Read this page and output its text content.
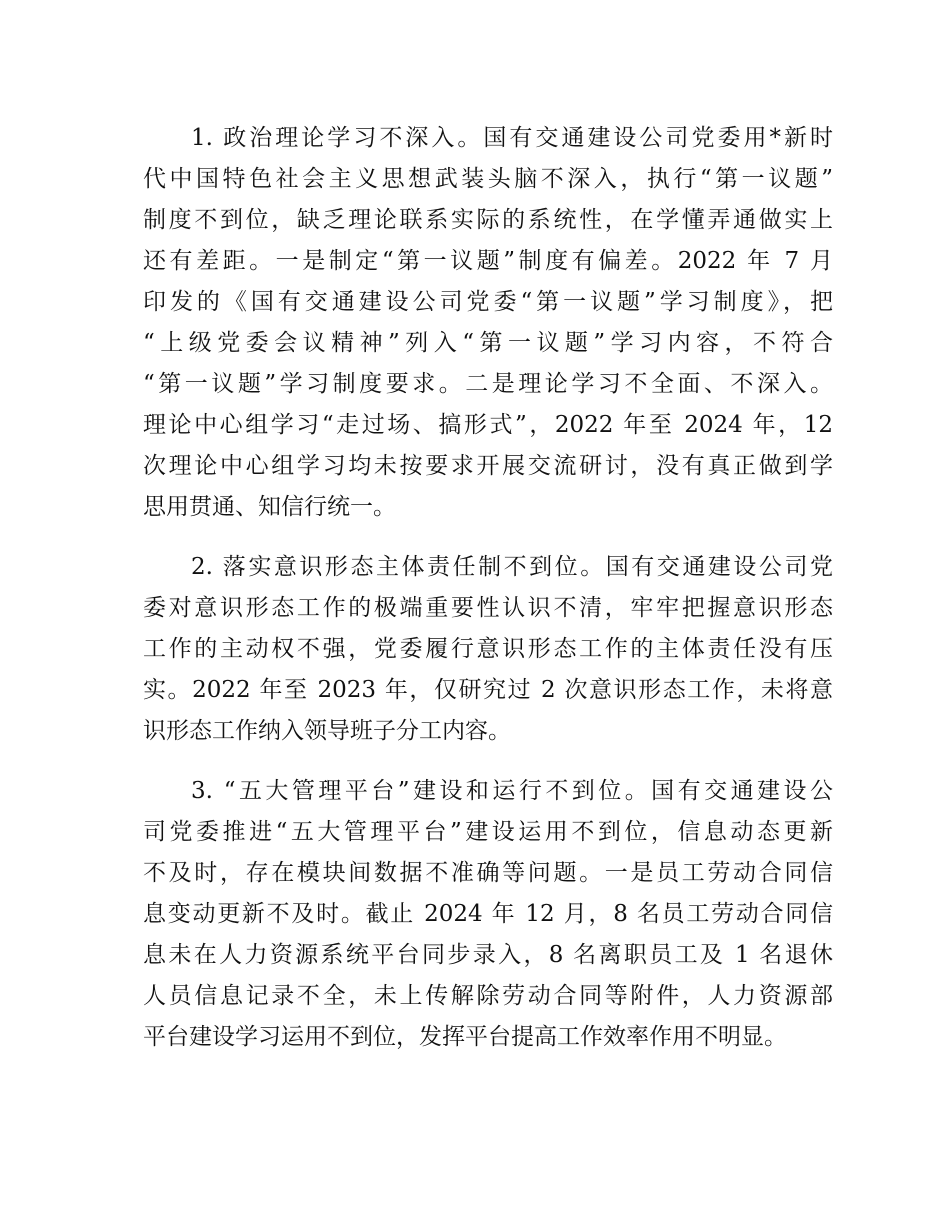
1. 政治理论学习不深入。国有交通建设公司党委用*新时
代中国特色社会主义思想武装头脑不深入，执行“第一议题”
制度不到位，缺乏理论联系实际的系统性，在学懂弄通做实上
还有差距。一是制定“第一议题”制度有偏差。2022 年 7 月
印发的《国有交通建设公司党委“第一议题”学习制度》，把
“上级党委会议精神”列入“第一议题”学习内容，不符合
“第一议题”学习制度要求。二是理论学习不全面、不深入。
理论中心组学习“走过场、搞形式”，2022 年至 2024 年，12
次理论中心组学习均未按要求开展交流研讨，没有真正做到学
思用贯通、知信行统一。
2. 落实意识形态主体责任制不到位。国有交通建设公司党
委对意识形态工作的极端重要性认识不清，牢牢把握意识形态
工作的主动权不强，党委履行意识形态工作的主体责任没有压
实。2022 年至 2023 年，仅研究过 2 次意识形态工作，未将意
识形态工作纳入领导班子分工内容。
3. “五大管理平台”建设和运行不到位。国有交通建设公
司党委推进“五大管理平台”建设运用不到位，信息动态更新
不及时，存在模块间数据不准确等问题。一是员工劳动合同信
息变动更新不及时。截止 2024 年 12 月，8 名员工劳动合同信
息未在人力资源系统平台同步录入，8 名离职员工及 1 名退休
人员信息记录不全，未上传解除劳动合同等附件，人力资源部
平台建设学习运用不到位，发挥平台提高工作效率作用不明显。
